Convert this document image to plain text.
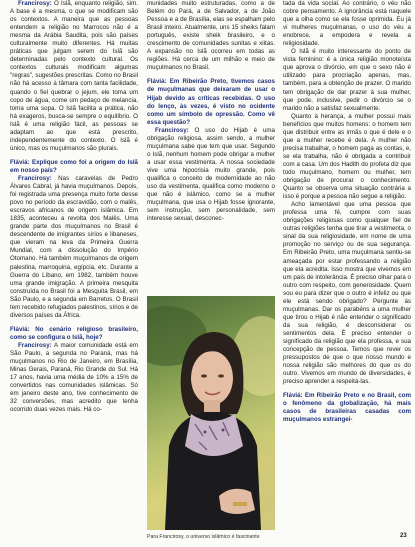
Francirosy: O Islã, enquanto religião, sim. A base é a mesma, o que se modificam são os contextos. A maneira que as pessoas entendem a religião no Marrocos não é a mesma da Arábia Saudita, pois são países culturalmente muito diferentes. Há muitas práticas que julgam serem do Islã são determinadas pelo contexto cultural. Os contextos culturais modificam algumas "regras", sugestões prescritas. Como no Brasil não há acesso à tâmara com tanta facilidade, quando o fiel quebrar o jejum, ele toma um copo de água, come um pedaço de melancia, toma uma sopa. O Islã facilita a prática, não há exageros, busca-se sempre o equilíbrio. O Islã é uma religião fácil, as pessoas se adaptam ao que está prescrito, independentemente do contexto. O Islã é único, mas os muçulmanos são plurais.

Fláviá: Explique como foi a origem do Islã em nosso país?

Francirosy: Nas caravelas de Pedro Álvares Cabral, já havia muçulmanos. Depois, foi registrada uma presença muito forte desse povo no período da escravidão, com o malês, escravos africanos de origem islâmica. Em 1835, aconteceu a revolta dos Malês. Uma grande parte dos muçulmanos no Brasil é descendente de imigrantes sírios e libaneses, que vieram na leva da Primeira Guerra Mundial, com a dissolução do Império Otomano. Há também muçulmanos de origem palestina, marroquina, egípcia, etc. Durante a Guerra do Líbano, em 1982, também houve uma grande imigração. A primeira mesquita construída no Brasil foi a Mesquita Brasil, em São Paulo, e a segunda em Barretos. O Brasil tem recebido refugiados palestinos, sírios e de diversos países da África.

Fláviá: No cenário religioso brasileiro, como se configura o Islã, hoje?

Francirosy: A maior comunidade está em São Paulo, a segunda no Paraná, mas há muçulmanos no Rio de Janeiro, em Brasília, Minas Gerais, Paraná, Rio Grande do Sul. Há 17 anos, havia uma média de 10% a 15% de convertidos nas comunidades islâmicas. Só em janeiro deste ano, tive conhecimento de 32 conversões, mas acredito que tenha ocorrido duas vezes mais. Há co-

munidades muito estruturadas, como a de Belém do Pará, a de Salvador, a de João Pessoa e a de Brasília, elas se espalham pelo Brasil inteiro. Atualmente, uns 15 sheiks falam português, existe sheik brasileiro, e o crescimento de comunidades sunitas e xiitas. A expansão no Islã ocorreu em todas as regiões. Há cerca de um milhão e meio de muçulmanos no Brasil.

Fláviá: Em Ribeirão Preto, tivemos casos de muçulmanas que deixaram de usar o Hijab devido as críticas recebidas. O uso do lenço, às vezes, é visto no ocidente como um símbolo de opressão. Como vê essa questão?

Francirosy: O uso do Hijab é uma obrigação religiosa, assim sendo, a mulher muçulmana sabe que tem que usar. Segundo o Islã, nenhum homem pode obrigar a mulher a usar essa vestimenta. A nossa sociedade vive uma hipocrisia muito grande, pois qualifica o conceito de modernidade ao não uso da vestimenta, qualifica como moderno o que não é islâmico, como se a mulher muçulmana, que usa o Hijab fosse ignorante, sem instrução, sem personalidade, sem interesse sexual, desconec-

Para Francirosy, o universo islâmico é fascinante

tada da vida social. Ao contrário, o véu não cobre pensamento. A ignorância está naquele que a olha como se ela fosse oprimida. Eu já vi mulheres muçulmanas, o uso do véu a enobrece, a empodera e revela a religiosidade.

O Islã é muito interessante do ponto de vista feminino: é a única religião monoteísta que aprova o divórcio, em que o sexo não é utilizado para procriação apenas, mas, também, para a obtenção de prazer. O marido tem obrigação de dar prazer à sua mulher, que pode, inclusive, pedir o divórcio se o marido não a satisfaz sexualmente.

Quanto à herança, a mulher possui mais benefícios que muitos homens: o homem tem que distribuir entre as irmãs o que é dele e o que a mulher recebe é dela. A mulher não precisa trabalhar, o homem paga as contas, e, se ela trabalha, não é obrigada a contribuir com a casa. Um dos Hadith do profeta diz que todo muçulmano, homem ou mulher, tem obrigação de procurar o conhecimento. Quanto se observa uma situação contrária a isso é porque a pessoa não segue a religião.

Acho lamentável que uma pessoa que professa uma fé, cumpre com suas obrigações religiosas como qualquer fiel de outras religiões tenha que tirar a vestimenta, o sinal da sua religiosidade, em nome de uma promoção no serviço ou de sua segurança. Em Ribeirão Preto, uma muçulmana sentiu-se ameaçada por estar professando a religião que ela acredita. Isso mostra que vivemos em um país de intolerância. É preciso olhar para o outro com respeito, com generosidade. Quem sou eu para dizer que o outro é infeliz ou que ele está sendo obrigado? Pergunte às muçulmanas. Dar os parabéns a uma mulher que tirou o Hijab é não entender o significado da sua religião, é desconsiderar os sentimentos dela. É preciso entender o significado da religião que ela professa, e sua concepção de pessoa. Temos que rever os pressupostos de que o que nosso mundo e nossa religião são melhores do que os do outro. Vivemos em mundo de diversidades, é preciso aprender a respeitá-las.

Fláviá: Em Ribeirão Preto e no Brasil, com o fenômeno da globalização, há mais casos de brasileiras casadas com muçulmanos estrangei-

23
